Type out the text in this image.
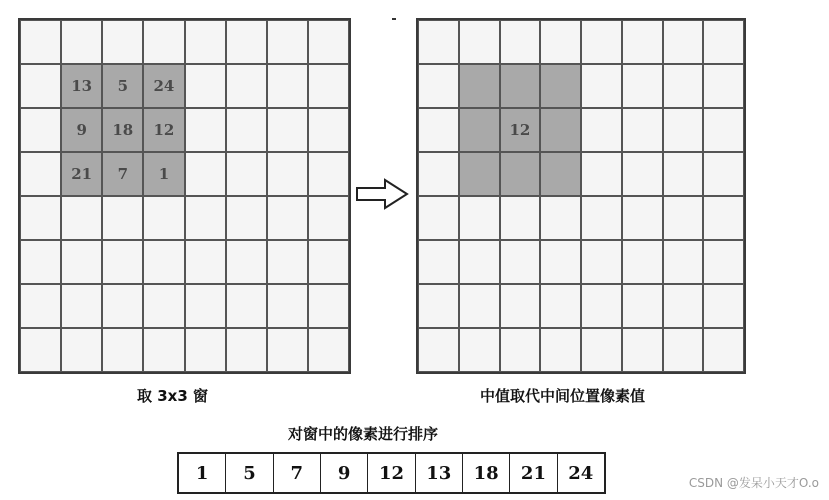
13	5	24
9	18	12
21	7	1
取 3x3 窗
12
中值取代中间位置像素值
对窗中的像素进行排序
1	5	7	9	12	13	18	21	24	CSDN @发呆小天才O.o
